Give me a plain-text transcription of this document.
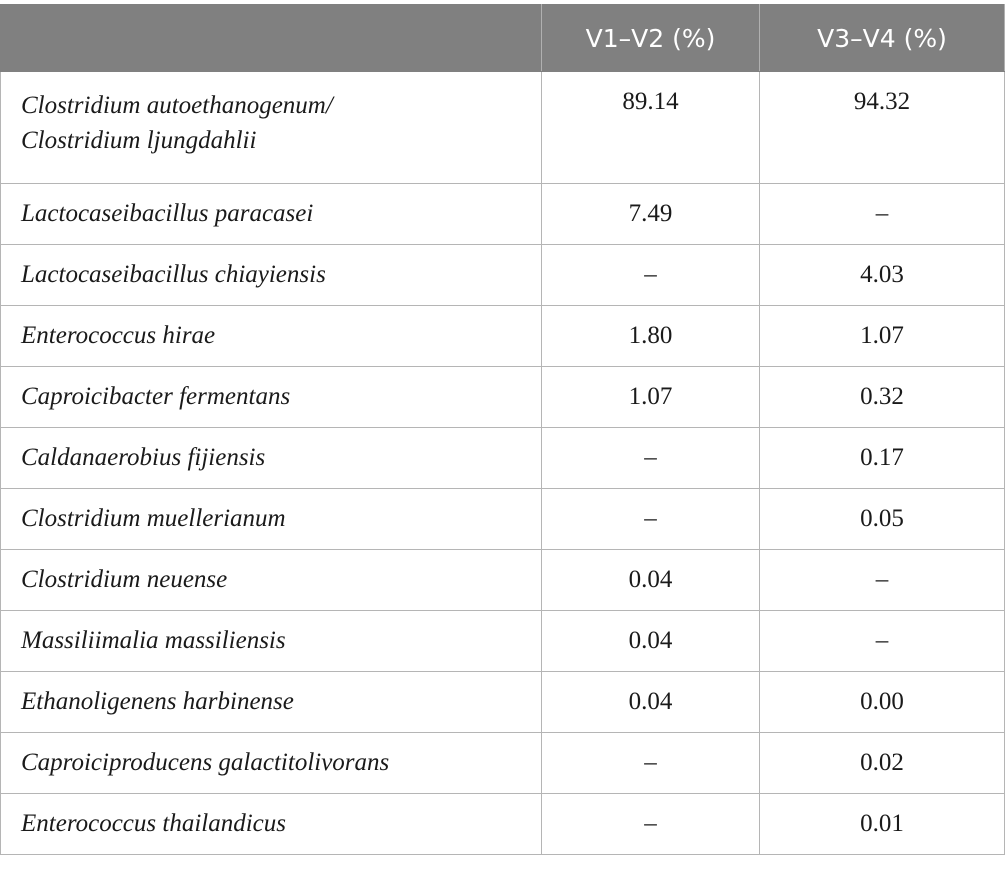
	V1–V2 (%)	V3–V4 (%)

Clostridium autoethanogenum/
Clostridium ljungdahlii	89.14	94.32
Lactocaseibacillus paracasei	7.49	–
Lactocaseibacillus chiayiensis	–	4.03
Enterococcus hirae	1.80	1.07
Caproicibacter fermentans	1.07	0.32
Caldanaerobius fijiensis	–	0.17
Clostridium muellerianum	–	0.05
Clostridium neuense	0.04	–
Massiliimalia massiliensis	0.04	–
Ethanoligenens harbinense	0.04	0.00
Caproiciproducens galactitolivorans	–	0.02
Enterococcus thailandicus	–	0.01
